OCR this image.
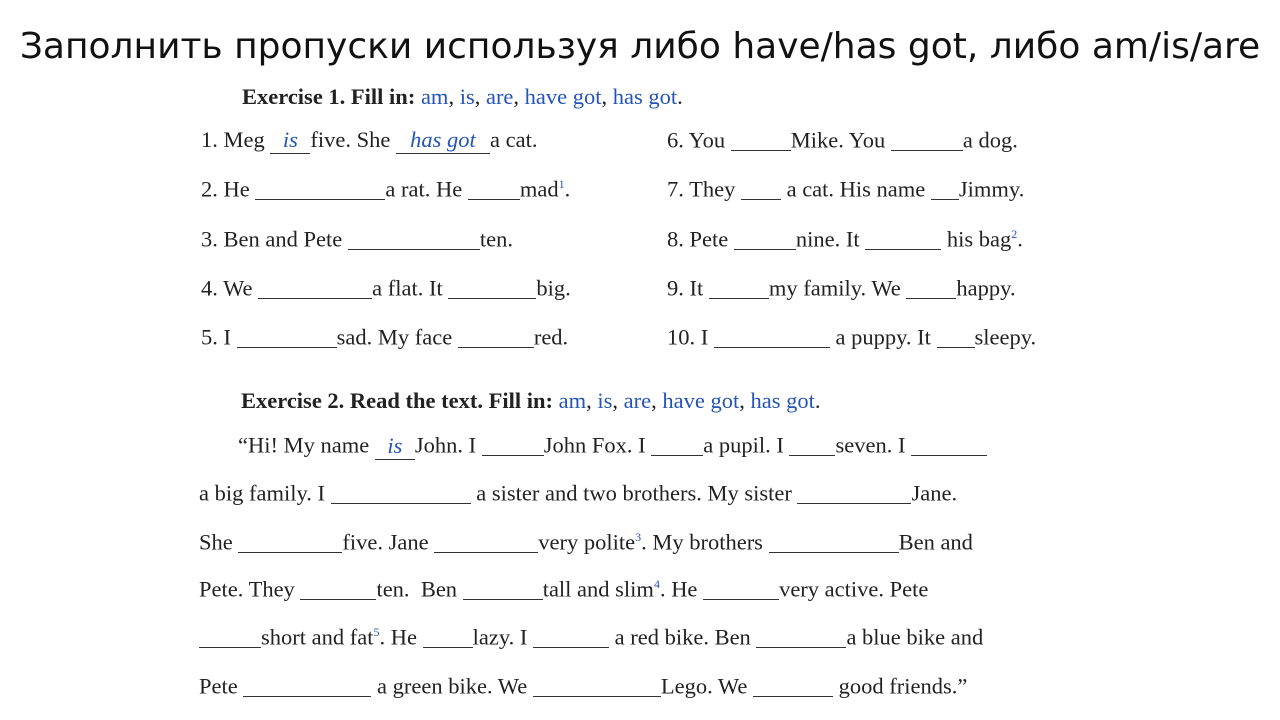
Заполнить пропуски используя либо have/has got, либо am/is/are
Exercise 1. Fill in: am, is, are, have got, has got.
1. Meg is five. She has got a cat.
2. He	a rat. He	mad$^1$.
3. Ben and Pete	ten.
4. We	a flat. It	big.
5. I	sad. My face	red.
6. You	Mike. You	a dog.
7. They a cat. His name Jimmy.
8. Pete	nine. It	his bag$^2$.
9. It	my family. We happy.
10. I	a puppy. It sleepy.
Exercise 2. Read the text. Fill in: am, is, are, have got, has got.
“Hi! My name is John. I	John Fox. I	a pupil. I seven. I
a big family. I	a sister and two brothers. My sister	Jane.
She	five. Jane	very polite$^3$. My brothers	Ben and
Pete. They	ten. Ben	tall and slim$^4$. He	very active. Pete
short and fat$^5$. He lazy. I	a red bike. Ben	a blue bike and
Pete	a green bike. We	Lego. We	good friends.”
